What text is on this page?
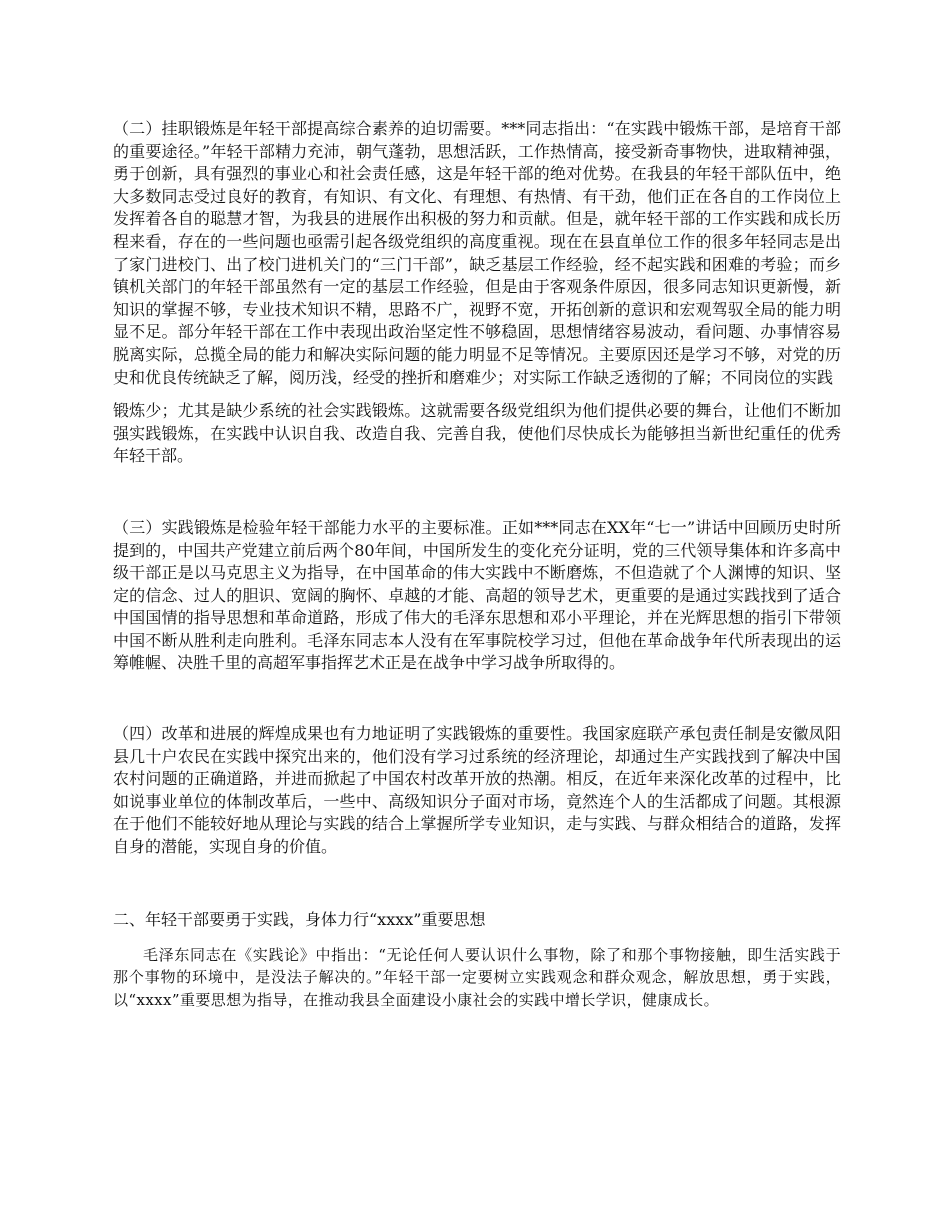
（二）挂职锻炼是年轻干部提高综合素养的迫切需要。***同志指出：“在实践中锻炼干部，是培育干部的重要途径。”年轻干部精力充沛，朝气蓬勃，思想活跃，工作热情高，接受新奇事物快，进取精神强，勇于创新，具有强烈的事业心和社会责任感，这是年轻干部的绝对优势。在我县的年轻干部队伍中，绝大多数同志受过良好的教育，有知识、有文化、有理想、有热情、有干劲，他们正在各自的工作岗位上发挥着各自的聪慧才智，为我县的进展作出积极的努力和贡献。但是，就年轻干部的工作实践和成长历程来看，存在的一些问题也亟需引起各级党组织的高度重视。现在在县直单位工作的很多年轻同志是出了家门进校门、出了校门进机关门的“三门干部”，缺乏基层工作经验，经不起实践和困难的考验；而乡镇机关部门的年轻干部虽然有一定的基层工作经验，但是由于客观条件原因，很多同志知识更新慢，新知识的掌握不够，专业技术知识不精，思路不广，视野不宽，开拓创新的意识和宏观驾驭全局的能力明显不足。部分年轻干部在工作中表现出政治坚定性不够稳固，思想情绪容易波动，看问题、办事情容易脱离实际，总揽全局的能力和解决实际问题的能力明显不足等情况。主要原因还是学习不够，对党的历史和优良传统缺乏了解，阅历浅，经受的挫折和磨难少；对实际工作缺乏透彻的了解；不同岗位的实践

锻炼少；尤其是缺少系统的社会实践锻炼。这就需要各级党组织为他们提供必要的舞台，让他们不断加强实践锻炼，在实践中认识自我、改造自我、完善自我，使他们尽快成长为能够担当新世纪重任的优秀年轻干部。

（三）实践锻炼是检验年轻干部能力水平的主要标准。正如***同志在XX年“七一”讲话中回顾历史时所提到的，中国共产党建立前后两个80年间，中国所发生的变化充分证明，党的三代领导集体和许多高中级干部正是以马克思主义为指导，在中国革命的伟大实践中不断磨炼，不但造就了个人渊博的知识、坚定的信念、过人的胆识、宽阔的胸怀、卓越的才能、高超的领导艺术，更重要的是通过实践找到了适合中国国情的指导思想和革命道路，形成了伟大的毛泽东思想和邓小平理论，并在光辉思想的指引下带领中国不断从胜利走向胜利。毛泽东同志本人没有在军事院校学习过，但他在革命战争年代所表现出的运筹帷幄、决胜千里的高超军事指挥艺术正是在战争中学习战争所取得的。

（四）改革和进展的辉煌成果也有力地证明了实践锻炼的重要性。我国家庭联产承包责任制是安徽凤阳县几十户农民在实践中探究出来的，他们没有学习过系统的经济理论，却通过生产实践找到了解决中国农村问题的正确道路，并进而掀起了中国农村改革开放的热潮。相反，在近年来深化改革的过程中，比如说事业单位的体制改革后，一些中、高级知识分子面对市场，竟然连个人的生活都成了问题。其根源在于他们不能较好地从理论与实践的结合上掌握所学专业知识，走与实践、与群众相结合的道路，发挥自身的潜能，实现自身的价值。

二、年轻干部要勇于实践，身体力行“xxxx”重要思想

毛泽东同志在《实践论》中指出：“无论任何人要认识什么事物，除了和那个事物接触，即生活实践于那个事物的环境中，是没法子解决的。”年轻干部一定要树立实践观念和群众观念，解放思想，勇于实践，以“xxxx”重要思想为指导，在推动我县全面建设小康社会的实践中增长学识，健康成长。
